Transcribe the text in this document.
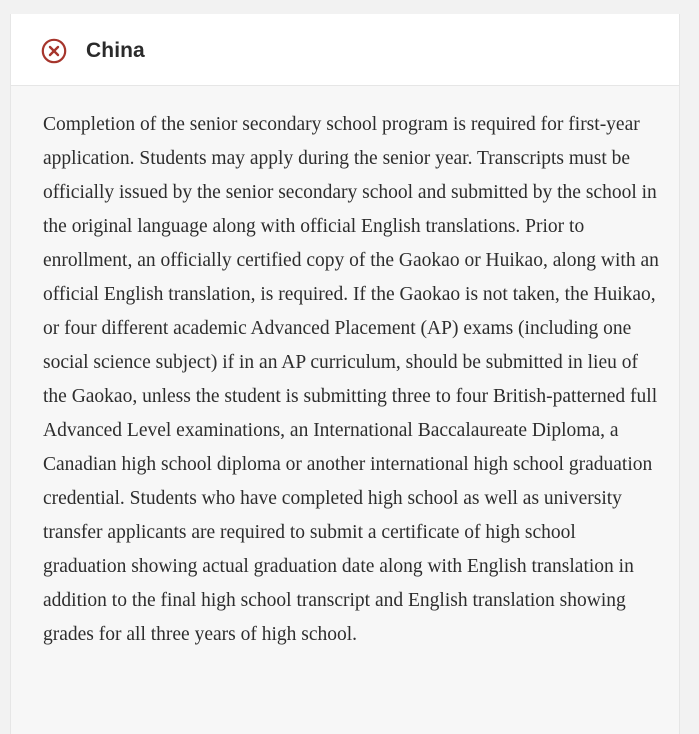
China

Completion of the senior secondary school program is required for first-year application. Students may apply during the senior year. Transcripts must be officially issued by the senior secondary school and submitted by the school in the original language along with official English translations. Prior to enrollment, an officially certified copy of the Gaokao or Huikao, along with an official English translation, is required. If the Gaokao is not taken, the Huikao, or four different academic Advanced Placement (AP) exams (including one social science subject) if in an AP curriculum, should be submitted in lieu of the Gaokao, unless the student is submitting three to four British-patterned full Advanced Level examinations, an International Baccalaureate Diploma, a Canadian high school diploma or another international high school graduation credential. Students who have completed high school as well as university transfer applicants are required to submit a certificate of high school graduation showing actual graduation date along with English translation in addition to the final high school transcript and English translation showing grades for all three years of high school.
